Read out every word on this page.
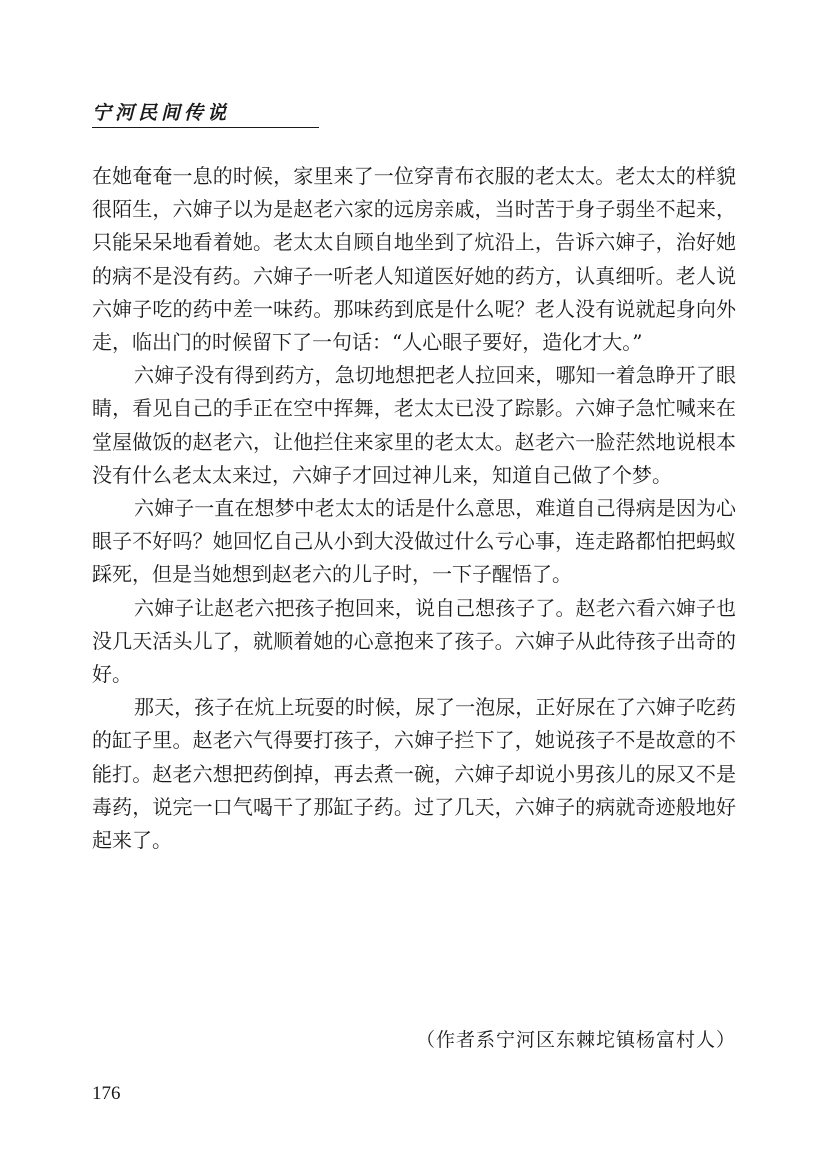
宁河民间传说

在她奄奄一息的时候，家里来了一位穿青布衣服的老太太。老太太的样貌很陌生，六婶子以为是赵老六家的远房亲戚，当时苦于身子弱坐不起来，只能呆呆地看着她。老太太自顾自地坐到了炕沿上，告诉六婶子，治好她的病不是没有药。六婶子一听老人知道医好她的药方，认真细听。老人说六婶子吃的药中差一味药。那味药到底是什么呢？老人没有说就起身向外走，临出门的时候留下了一句话：“人心眼子要好，造化才大。”

六婶子没有得到药方，急切地想把老人拉回来，哪知一着急睁开了眼睛，看见自己的手正在空中挥舞，老太太已没了踪影。六婶子急忙喊来在堂屋做饭的赵老六，让他拦住来家里的老太太。赵老六一脸茫然地说根本没有什么老太太来过，六婶子才回过神儿来，知道自己做了个梦。

六婶子一直在想梦中老太太的话是什么意思，难道自己得病是因为心眼子不好吗？她回忆自己从小到大没做过什么亏心事，连走路都怕把蚂蚁踩死，但是当她想到赵老六的儿子时，一下子醒悟了。

六婶子让赵老六把孩子抱回来，说自己想孩子了。赵老六看六婶子也没几天活头儿了，就顺着她的心意抱来了孩子。六婶子从此待孩子出奇的好。

那天，孩子在炕上玩耍的时候，尿了一泡尿，正好尿在了六婶子吃药的缸子里。赵老六气得要打孩子，六婶子拦下了，她说孩子不是故意的不能打。赵老六想把药倒掉，再去煮一碗，六婶子却说小男孩儿的尿又不是毒药，说完一口气喝干了那缸子药。过了几天，六婶子的病就奇迹般地好起来了。

（作者系宁河区东棘坨镇杨富村人）
176
